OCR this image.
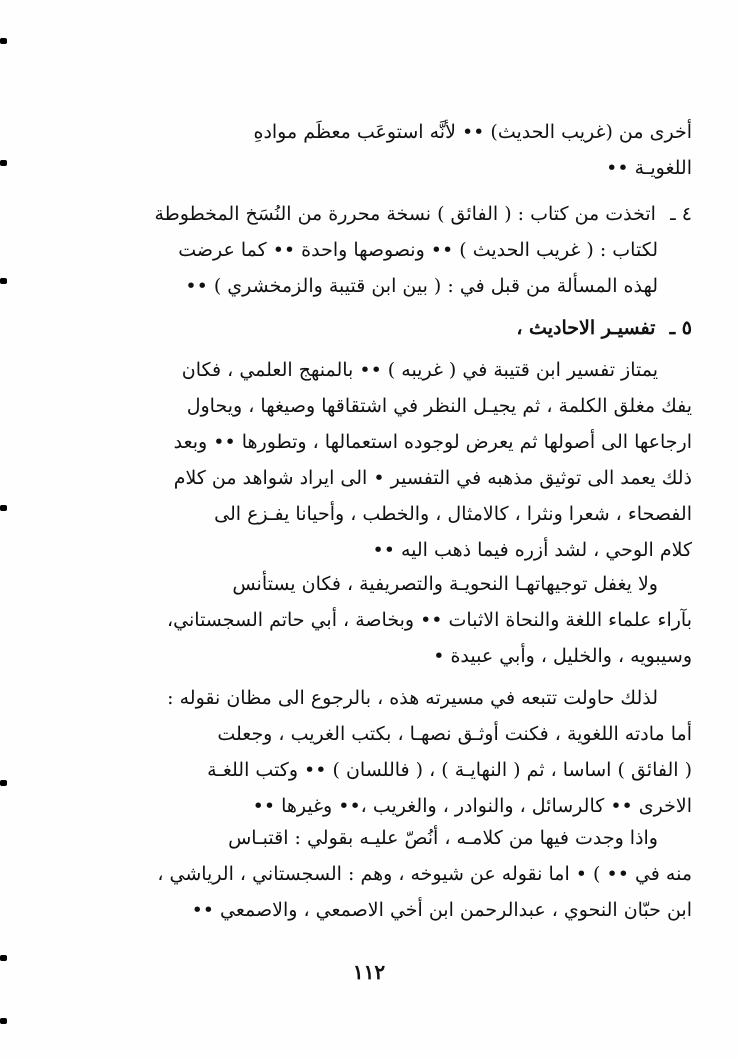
أخرى من (غريب الحديث) •• لأنَّه استوعَب معظَم موادهِ
اللغويـة ••
٤ ـ اتخذت من كتاب : ( الفائق ) نسخة محررة من النُسَخ المخطوطة
لكتاب : ( غريب الحديث ) •• ونصوصها واحدة •• كما عرضت
لهذه المسألة من قبل في : ( بين ابن قتيبة والزمخشري ) ••
٥ ـ تفسيـر الاحاديث ،
يمتاز تفسير ابن قتيبة في ( غريبه ) •• بالمنهج العلمي ، فكان
يفك مغلق الكلمة ، ثم يجيـل النظر في اشتقاقها وصيغها ، ويحاول
ارجاعها الى أصولها ثم يعرض لوجوده استعمالها ، وتطورها •• وبعد
ذلك يعمد الى توثيق مذهبه في التفسير • الى ايراد شواهد من كلام
الفصحاء ، شعرا ونثرا ، كالامثال ، والخطب ، وأحيانا يفـزع الى
كلام الوحي ، لشد أزره فيما ذهب اليه ••
ولا يغفل توجيهاتهـا النحويـة والتصريفية ، فكان يستأنس
بآراء علماء اللغة والنحاة الاثبات •• وبخاصة ، أبي حاتم السجستاني،
وسيبويه ، والخليل ، وأبي عبيدة •
لذلك حاولت تتبعه في مسيرته هذه ، بالرجوع الى مظان نقوله :
أما مادته اللغوية ، فكنت أوثـق نصهـا ، بكتب الغريب ، وجعلت
( الفائق ) اساسا ، ثم ( النهايـة ) ، ( فاللسان ) •• وكتب اللغـة
الاخرى •• كالرسائل ، والنوادر ، والغريب ،•• وغيرها ••
واذا وجدت فيها من كلامـه ، أنُصّ عليـه بقولي : اقتبـاس
منه في •• ) • اما نقوله عن شيوخه ، وهم : السجستاني ، الرياشي ،
ابن حبّان النحوي ، عبدالرحمن ابن أخي الاصمعي ، والاصمعي ••
١١٢
